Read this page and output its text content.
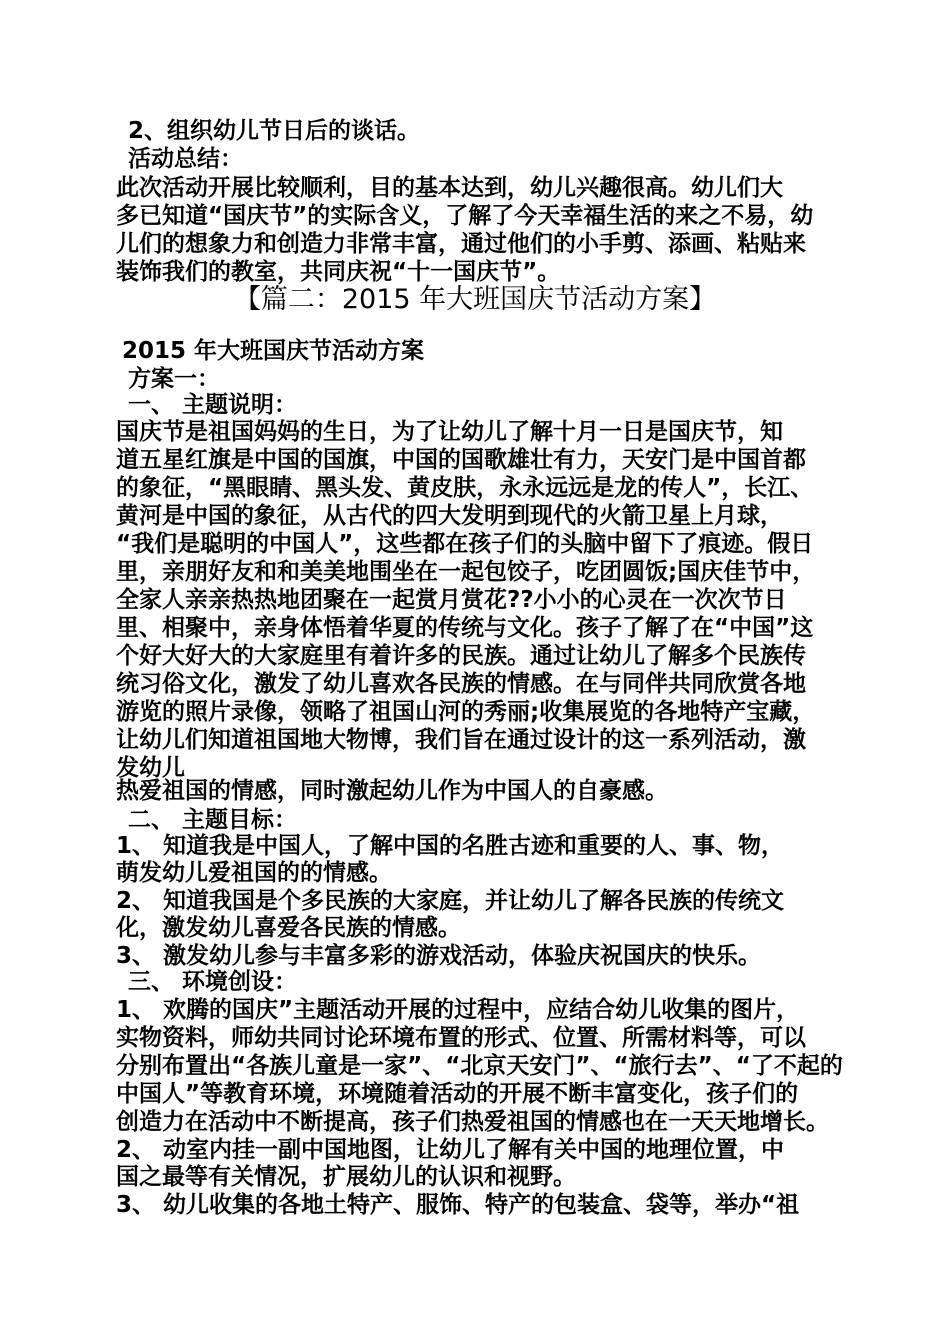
2、组织幼儿节日后的谈话。
活动总结：
此次活动开展比较顺利，目的基本达到，幼儿兴趣很高。幼儿们大
多已知道“国庆节”的实际含义，了解了今天幸福生活的来之不易，幼
儿们的想象力和创造力非常丰富，通过他们的小手剪、添画、粘贴来
装饰我们的教室，共同庆祝“十一国庆节”。
【篇二：2015 年大班国庆节活动方案】
2015 年大班国庆节活动方案
方案一：
一、 主题说明：
国庆节是祖国妈妈的生日，为了让幼儿了解十月一日是国庆节，知
道五星红旗是中国的国旗，中国的国歌雄壮有力，天安门是中国首都
的象征，“黑眼睛、黑头发、黄皮肤，永永远远是龙的传人”，长江、
黄河是中国的象征，从古代的四大发明到现代的火箭卫星上月球，
“我们是聪明的中国人”，这些都在孩子们的头脑中留下了痕迹。假日
里，亲朋好友和和美美地围坐在一起包饺子，吃团圆饭;国庆佳节中，
全家人亲亲热热地团聚在一起赏月赏花??小小的心灵在一次次节日
里、相聚中，亲身体悟着华夏的传统与文化。孩子了解了在“中国”这
个好大好大的大家庭里有着许多的民族。通过让幼儿了解多个民族传
统习俗文化，激发了幼儿喜欢各民族的情感。在与同伴共同欣赏各地
游览的照片录像，领略了祖国山河的秀丽;收集展览的各地特产宝藏，
让幼儿们知道祖国地大物博，我们旨在通过设计的这一系列活动，激
发幼儿
热爱祖国的情感，同时激起幼儿作为中国人的自豪感。
二、 主题目标：
1、 知道我是中国人，了解中国的名胜古迹和重要的人、事、物，
萌发幼儿爱祖国的的情感。
2、 知道我国是个多民族的大家庭，并让幼儿了解各民族的传统文
化，激发幼儿喜爱各民族的情感。
3、 激发幼儿参与丰富多彩的游戏活动，体验庆祝国庆的快乐。
三、 环境创设：
1、 欢腾的国庆”主题活动开展的过程中，应结合幼儿收集的图片，
实物资料，师幼共同讨论环境布置的形式、位置、所需材料等，可以
分别布置出“各族儿童是一家”、“北京天安门”、“旅行去”、“了不起的
中国人”等教育环境，环境随着活动的开展不断丰富变化，孩子们的
创造力在活动中不断提高，孩子们热爱祖国的情感也在一天天地增长。
2、 动室内挂一副中国地图，让幼儿了解有关中国的地理位置，中
国之最等有关情况，扩展幼儿的认识和视野。
3、 幼儿收集的各地土特产、服饰、特产的包装盒、袋等，举办“祖
